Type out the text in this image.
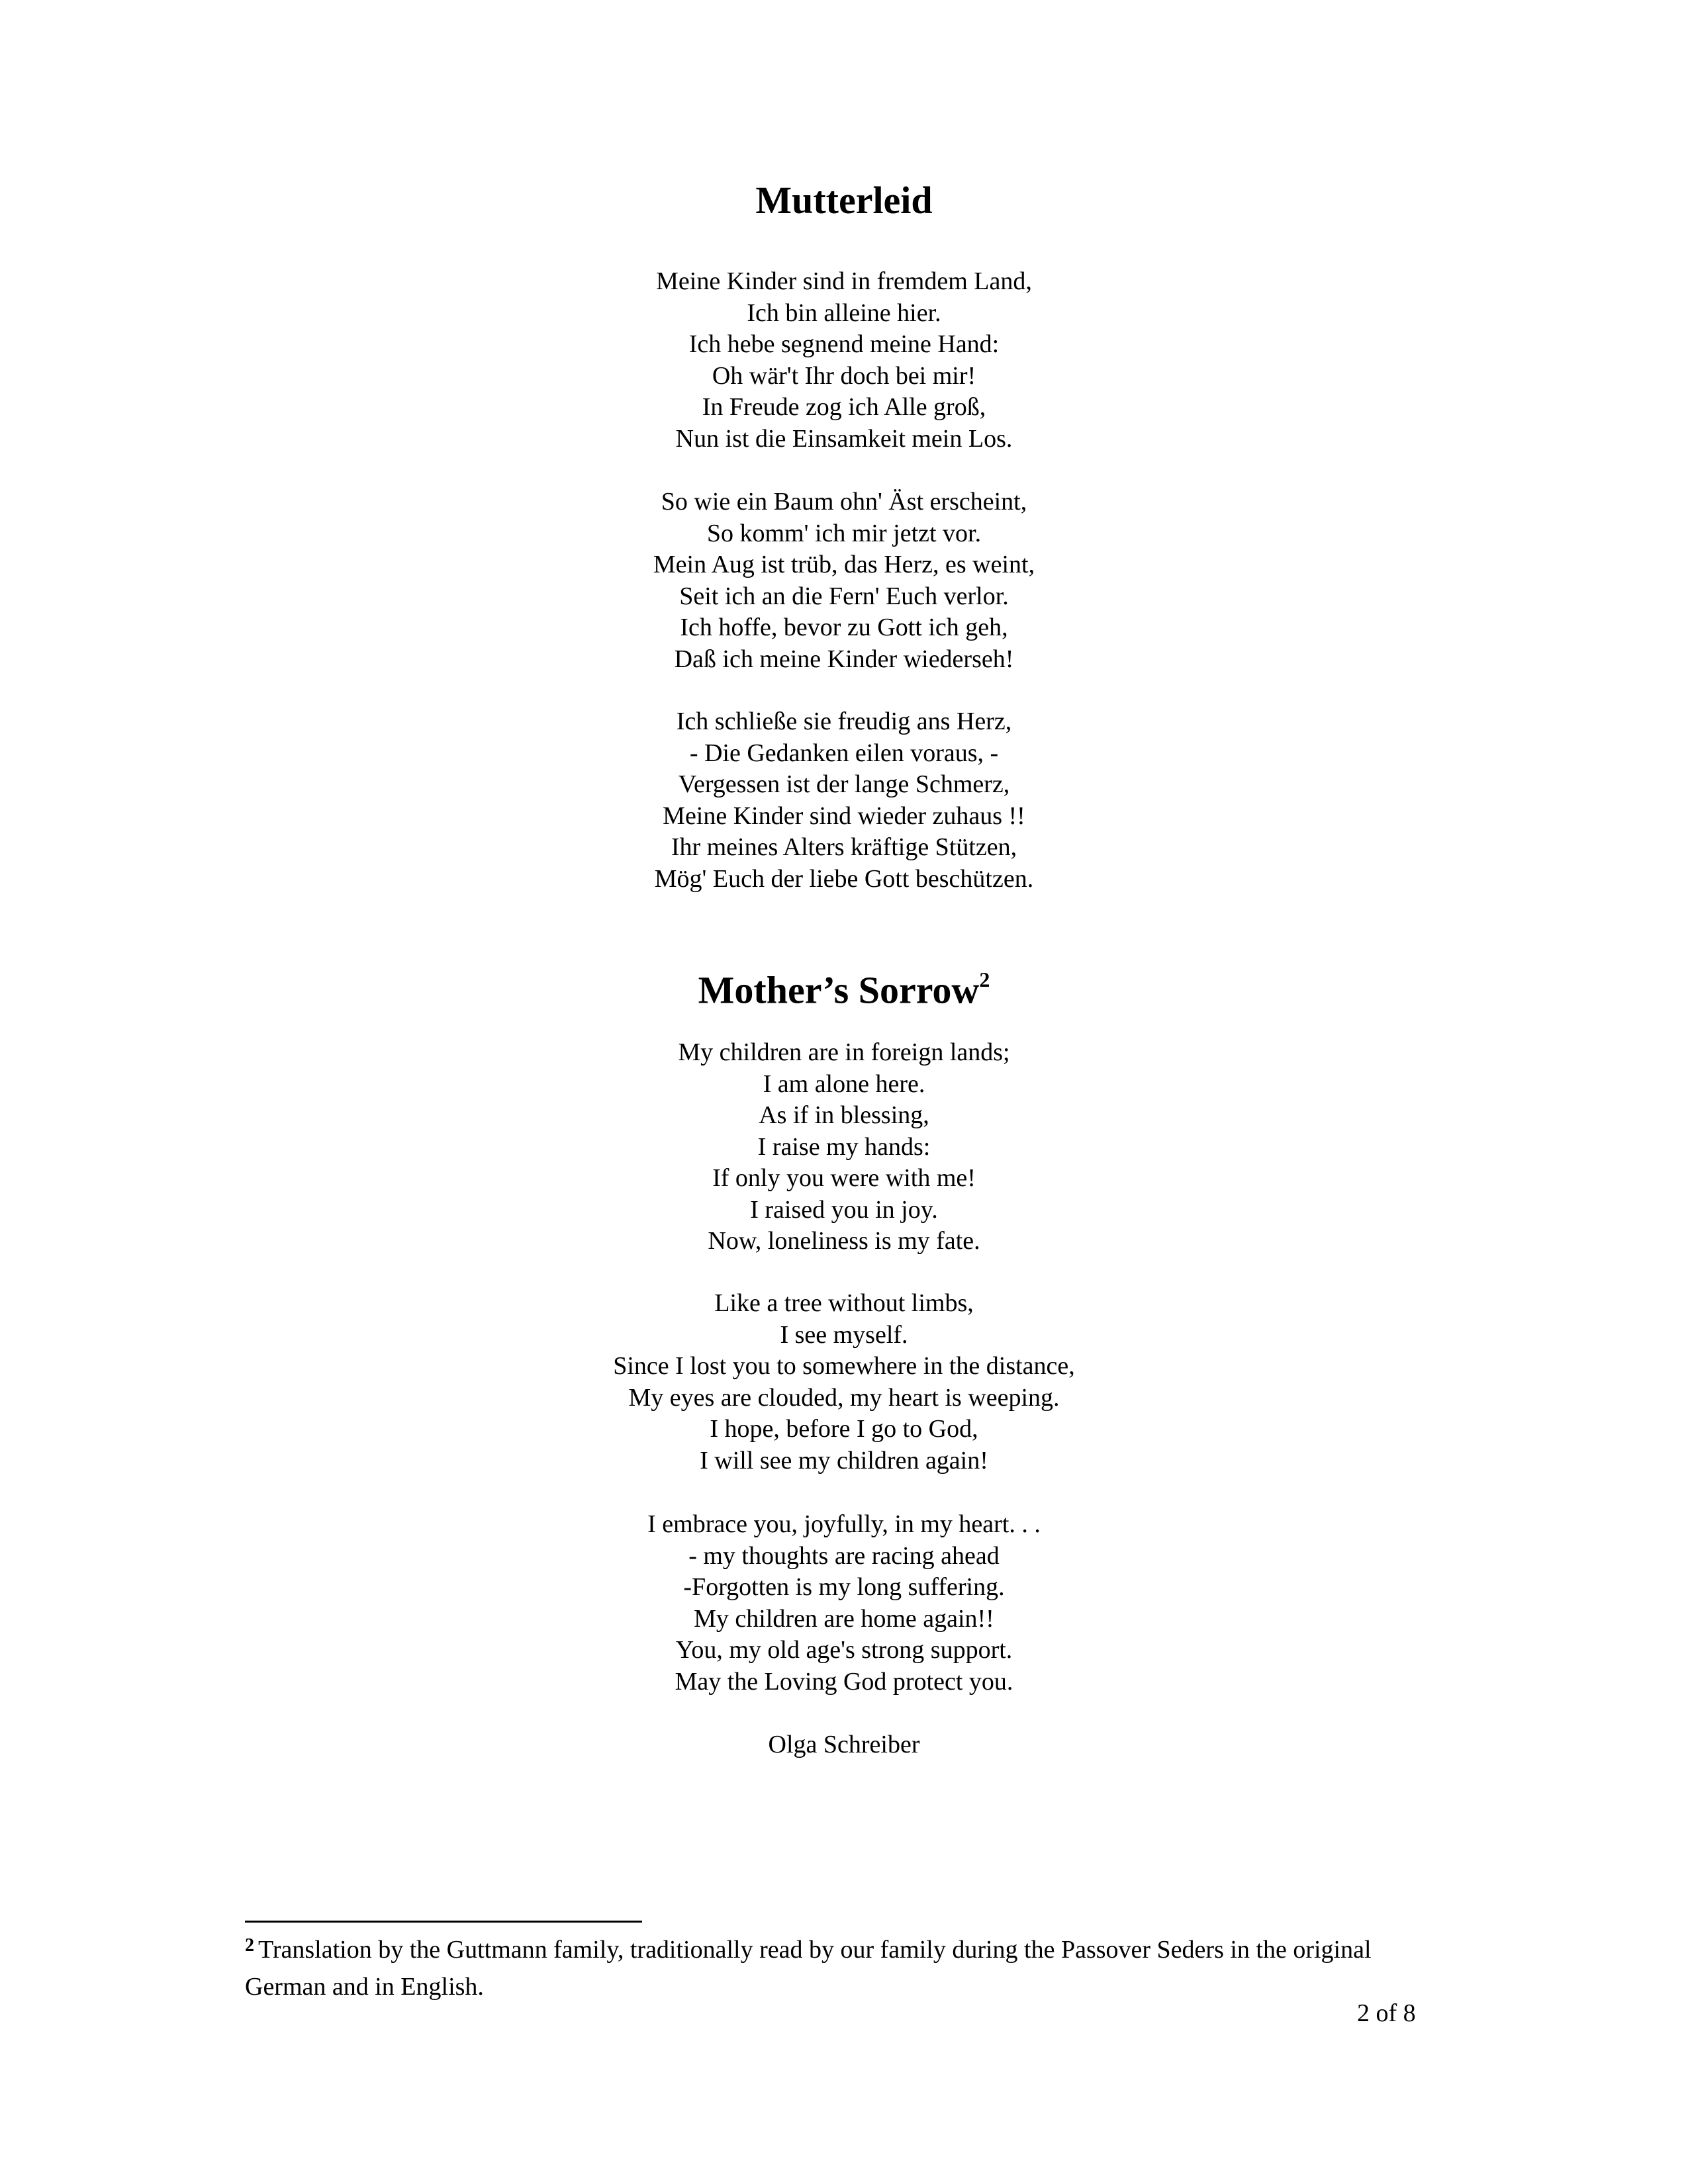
Mutterleid
Meine Kinder sind in fremdem Land,
Ich bin alleine hier.
Ich hebe segnend meine Hand:
Oh wär't Ihr doch bei mir!
In Freude zog ich Alle groß,
Nun ist die Einsamkeit mein Los.
So wie ein Baum ohn' Äst erscheint,
So komm' ich mir jetzt vor.
Mein Aug ist trüb, das Herz, es weint,
Seit ich an die Fern' Euch verlor.
Ich hoffe, bevor zu Gott ich geh,
Daß ich meine Kinder wiederseh!
Ich schließe sie freudig ans Herz,
- Die Gedanken eilen voraus, -
Vergessen ist der lange Schmerz,
Meine Kinder sind wieder zuhaus !!
Ihr meines Alters kräftige Stützen,
Mög' Euch der liebe Gott beschützen.
Mother’s Sorrow$^2$
My children are in foreign lands;
I am alone here.
As if in blessing,
I raise my hands:
If only you were with me!
I raised you in joy.
Now, loneliness is my fate.
Like a tree without limbs,
I see myself.
Since I lost you to somewhere in the distance,
My eyes are clouded, my heart is weeping.
I hope, before I go to God,
I will see my children again!
I embrace you, joyfully, in my heart. . .
- my thoughts are racing ahead
-Forgotten is my long suffering.
My children are home again!!
You, my old age's strong support.
May the Loving God protect you.
Olga Schreiber
$^2$ Translation by the Guttmann family, traditionally read by our family during the Passover Seders in the original German and in English.
2 of 8
